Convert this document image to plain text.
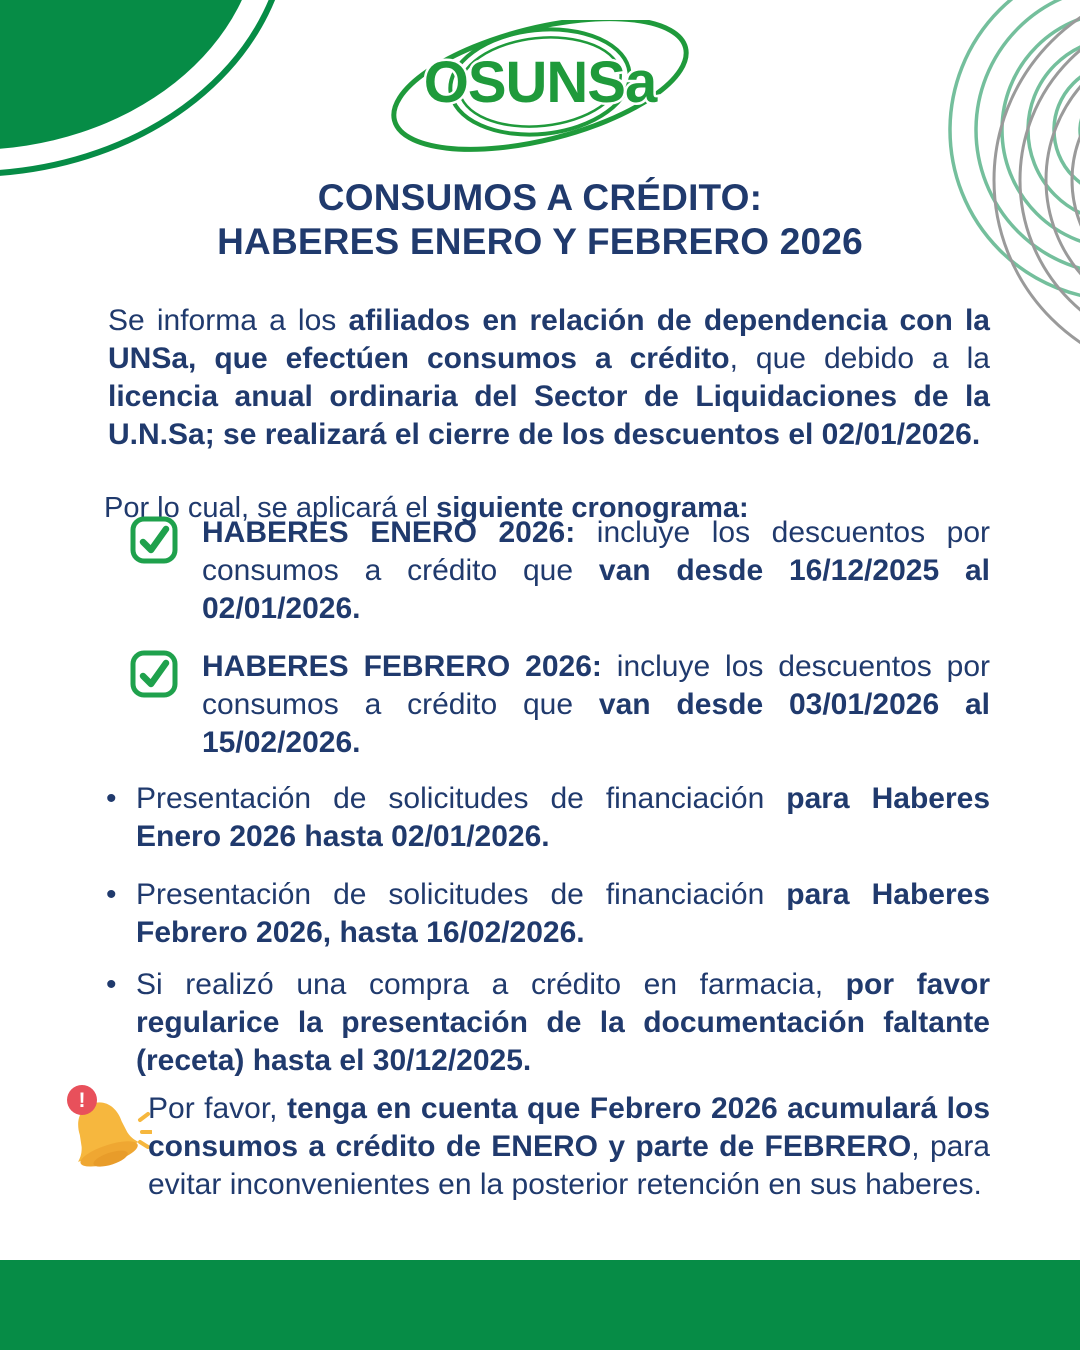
OSUNSa
CONSUMOS A CRÉDITO:
HABERES ENERO Y FEBRERO 2026

Se informa a los afiliados en relación de dependencia con la UNSa, que efectúen consumos a crédito, que debido a la licencia anual ordinaria del Sector de Liquidaciones de la U.N.Sa; se realizará el cierre de los descuentos el 02/01/2026.

Por lo cual, se aplicará el siguiente cronograma:

HABERES ENERO 2026: incluye los descuentos por consumos a crédito que van desde 16/12/2025 al 02/01/2026.
HABERES FEBRERO 2026: incluye los descuentos por consumos a crédito que van desde 03/01/2026 al 15/02/2026.
• Presentación de solicitudes de financiación para Haberes Enero 2026 hasta 02/01/2026.
• Presentación de solicitudes de financiación para Haberes Febrero 2026, hasta 16/02/2026.
• Si realizó una compra a crédito en farmacia, por favor regularice la presentación de la documentación faltante (receta) hasta el 30/12/2025.
! Por favor, tenga en cuenta que Febrero 2026 acumulará los consumos a crédito de ENERO y parte de FEBRERO, para evitar inconvenientes en la posterior retención en sus haberes.
